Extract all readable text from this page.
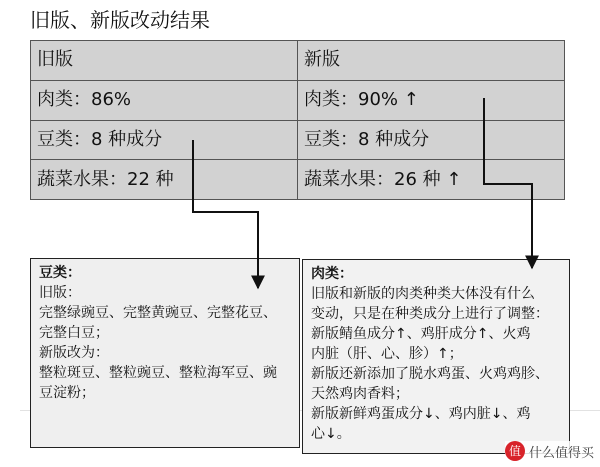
旧版、新版改动结果
旧版	新版
肉类：86%	肉类：90% ↑
豆类：8 种成分	豆类：8 种成分
蔬菜水果：22 种	蔬菜水果：26 种 ↑
豆类：
旧版：
完整绿豌豆、完整黄豌豆、完整花豆、
完整白豆；
新版改为：
整粒斑豆、整粒豌豆、整粒海军豆、豌
豆淀粉；
肉类：
旧版和新版的肉类种类大体没有什么
变动，只是在种类成分上进行了调整：
新版鲭鱼成分↑、鸡肝成分↑、火鸡
内脏（肝、心、胗）↑；
新版还新添加了脱水鸡蛋、火鸡鸡胗、
天然鸡肉香料；
新版新鲜鸡蛋成分↓、鸡内脏↓、鸡
心↓。
值 什么值得买
